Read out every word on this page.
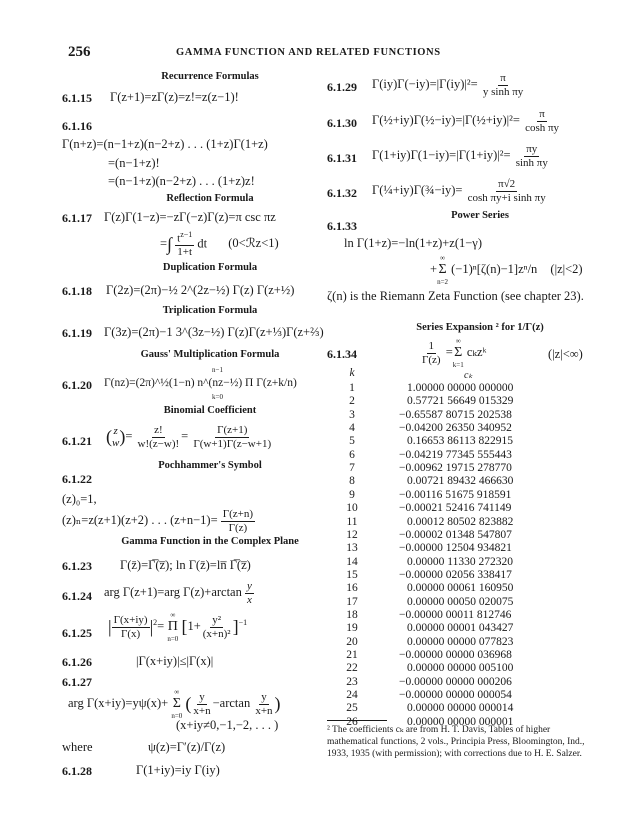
256	GAMMA FUNCTION AND RELATED FUNCTIONS
Recurrence Formulas
6.1.15 Γ(z+1)=zΓ(z)=z!=z(z−1)!
6.1.16
Γ(n+z)=(n−1+z)(n−2+z) . . . (1+z)Γ(1+z)
=(n−1+z)!
=(n−1+z)(n−2+z) . . . (1+z)z!
Reflection Formula
6.1.17 Γ(z)Γ(1−z)=−zΓ(−z)Γ(z)=π csc πz
=∫ $\frac{t^{z-1}}{1+t}$ dt (0<ℛz<1)
Duplication Formula
6.1.18 Γ(2z)=(2π)−½ 2^(2z−½) Γ(z) Γ(z+½)
Triplication Formula
6.1.19 Γ(3z)=(2π)−1 3^(3z−½) Γ(z)Γ(z+⅓)Γ(z+⅔)
Gauss' Multiplication Formula
6.1.20 Γ(nz)=(2π)^½(1−n) n^(nz−½) Π Γ(z+k/n)
n−1
k=0
Binomial Coefficient
6.1.21 ( z
w )= $\frac{z!}{w!(z-w)!} = \frac{\Gamma(z+1)}{\Gamma(w+1)\Gamma(z-w+1)}$
Pochhammer's Symbol
6.1.22
(z)₀=1,
(z)ₙ=z(z+1)(z+2) . . . $(z+n-1)= \frac{\Gamma(z+n)}{\Gamma(z)}$
Gamma Function in the Complex Plane
6.1.23 Γ(z̄)=Γ̅(z̅); ln Γ(z̄)=ln̅ Γ̅(z̅)
6.1.24 arg Γ(z+1)=arg $\Gamma(z)+\arctan \frac{y}{x}$
6.1.25 | $\frac{\Gamma(x+iy)}{\Gamma(x)} |^2=$
∞
Π
n=0
$[1+ \frac{\text{y²}}{\text{(x+n)²}} ]^{-1}$
6.1.26	|Γ(x+iy)|≤|Γ(x)|
6.1.27
arg Γ(x+iy)=yψ(x)+
∞
Σ
n=0
( $\frac{y}{x+n} -\arctan \frac{y}{x+n}$ )
(x+iy≠0,−1,−2, . . . )
where	ψ(z)=Γ′(z)/Γ(z)
6.1.28	Γ(1+iy)=iy Γ(iy)
6.1.29 $\Gamma(iy)\Gamma(-iy)=|\Gamma(iy)|^2= \frac{\pi}{\text{y sinh πy}}$
6.1.30 Γ(½+iy)Γ(½−iy)=|Γ(½+iy)|²= $\frac{\pi}{\text{cosh πy}}$
6.1.31 $\Gamma(1+iy)\Gamma(1-iy)=|\Gamma(1+iy)|^2= \frac{\pi y}{\text{sinh πy}}$
6.1.32 Γ(¼+iy)Γ(¾−iy)= $\frac{\pi√2}{\text{cosh πy+i sinh πy}}$
Power Series
6.1.33
ln Γ(1+z)=−ln(1+z)+z(1−γ)
+
∞
Σ
n=2
(−1)ⁿ[ζ(n)−1]zⁿ/n (|z|<2)
ζ(n) is the Riemann Zeta Function (see chapter 23).
Series Expansion ² for 1/Γ(z)
6.1.34	$\frac{1}{\Gamma(z)}$ =
∞
Σ
k=1
cₖzᵏ	(|z|<∞)
k	cₖ
1	1.00000 00000 000000
2	0.57721 56649 015329
3	−0.65587 80715 202538
4	−0.04200 26350 340952
5	0.16653 86113 822915
6	−0.04219 77345 555443
7	−0.00962 19715 278770
8	0.00721 89432 466630
9	−0.00116 51675 918591
10	−0.00021 52416 741149
11	0.00012 80502 823882
12	−0.00002 01348 547807
13	−0.00000 12504 934821
14	0.00000 11330 272320
15	−0.00000 02056 338417
16	0.00000 00061 160950
17	0.00000 00050 020075
18	−0.00000 00011 812746
19	0.00000 00001 043427
20	0.00000 00000 077823
21	−0.00000 00000 036968
22	0.00000 00000 005100
23	−0.00000 00000 000206
24	−0.00000 00000 000054
25	0.00000 00000 000014
26	0.00000 00000 000001
² The coefficients cₖ are from H. T. Davis, Tables of higher mathematical functions, 2 vols., Principia Press, Bloomington, Ind., 1933, 1935 (with permission); with corrections due to H. E. Salzer.
